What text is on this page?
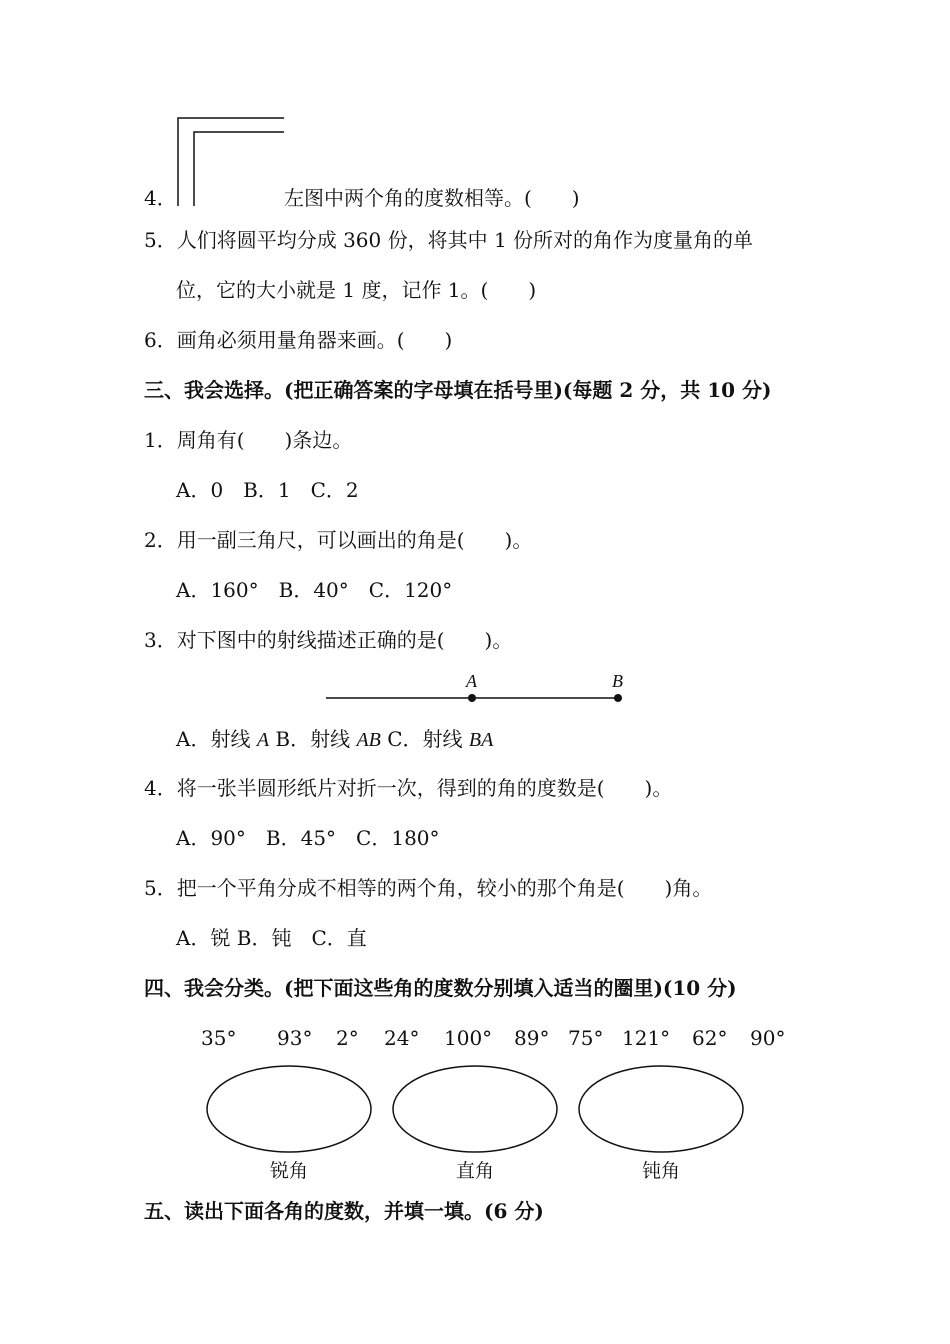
4．	左图中两个角的度数相等。(　　)
5．人们将圆平均分成 360 份，将其中 1 份所对的角作为度量角的单
位，它的大小就是 1 度，记作 1。(　　)
6．画角必须用量角器来画。(　　)
三、我会选择。(把正确答案的字母填在括号里)(每题 2 分，共 10 分)
1．周角有(　　)条边。
A．0　B．1　C．2
2．用一副三角尺，可以画出的角是(　　)。
A．160°　B．40°　C．120°
3．对下图中的射线描述正确的是(　　)。
A	B
A．射线 A B．射线 AB C．射线 BA
4．将一张半圆形纸片对折一次，得到的角的度数是(　　)。
A．90°　B．45°　C．180°
5．把一个平角分成不相等的两个角，较小的那个角是(　　)角。
A．锐 B．钝　C．直
四、我会分类。(把下面这些角的度数分别填入适当的圈里)(10 分)
35° 93° 2° 24° 100° 89° 75° 121° 62° 90°
锐角	直角	钝角
五、读出下面各角的度数，并填一填。(6 分)
